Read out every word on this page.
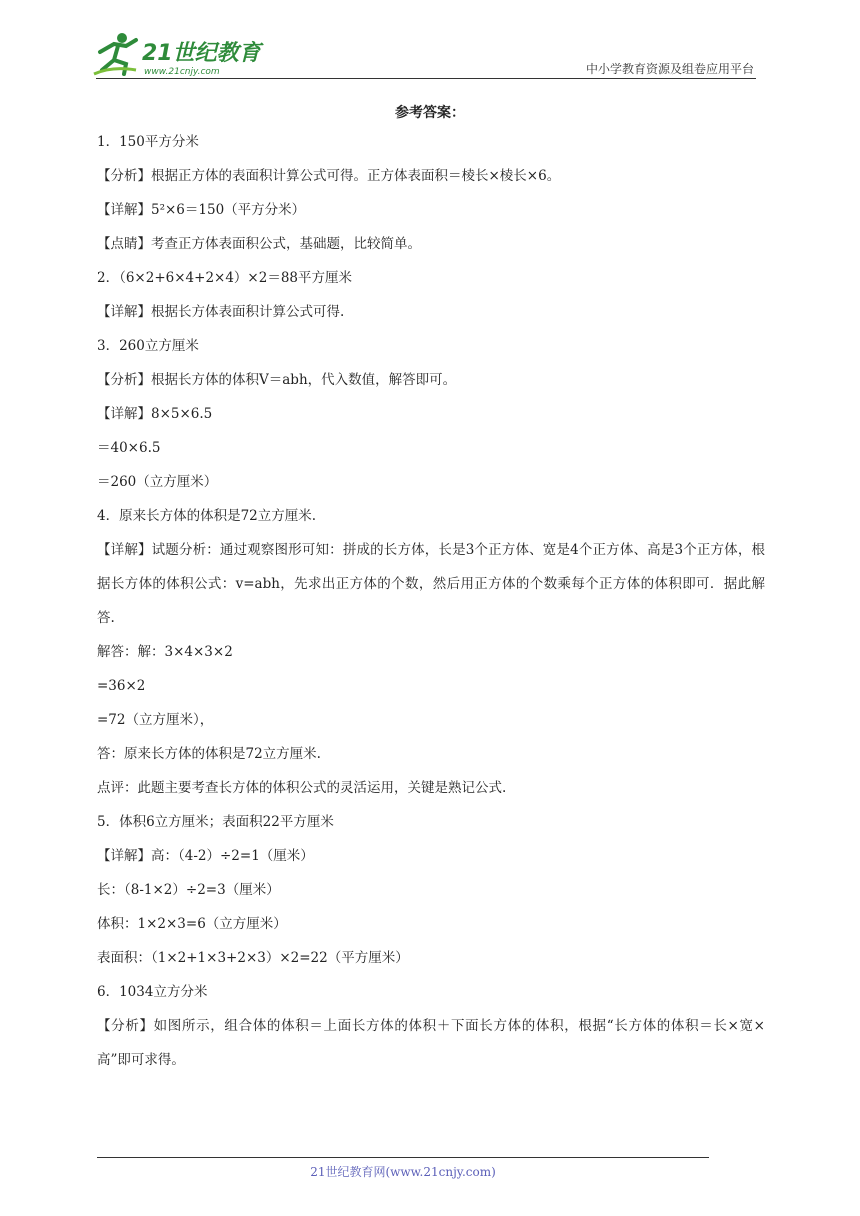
21世纪教育
www.21cnjy.com	中小学教育资源及组卷应用平台
参考答案：

1．150平方分米

【分析】根据正方体的表面积计算公式可得。正方体表面积＝棱长×棱长×6。

【详解】5²×6＝150（平方分米）

【点睛】考查正方体表面积公式，基础题，比较简单。

2．（6×2+6×4+2×4）×2＝88平方厘米

【详解】根据长方体表面积计算公式可得.

3．260立方厘米

【分析】根据长方体的体积V＝abh，代入数值，解答即可。

【详解】8×5×6.5

＝40×6.5

＝260（立方厘米）

4．原来长方体的体积是72立方厘米.

【详解】试题分析：通过观察图形可知：拼成的长方体，长是3个正方体、宽是4个正方体、高是3个正方体，根据长方体的体积公式：v=abh，先求出正方体的个数，然后用正方体的个数乘每个正方体的体积即可．据此解答.

解答：解：3×4×3×2

=36×2

=72（立方厘米），

答：原来长方体的体积是72立方厘米.

点评：此题主要考查长方体的体积公式的灵活运用，关键是熟记公式.

5．体积6立方厘米；表面积22平方厘米

【详解】高：（4-2）÷2=1（厘米）

长：（8-1×2）÷2=3（厘米）

体积：1×2×3=6（立方厘米）

表面积：（1×2+1×3+2×3）×2=22（平方厘米）

6．1034立方分米

【分析】如图所示，组合体的体积＝上面长方体的体积＋下面长方体的体积，根据“长方体的体积＝长×宽×高”即可求得。

21世纪教育网(www.21cnjy.com)
